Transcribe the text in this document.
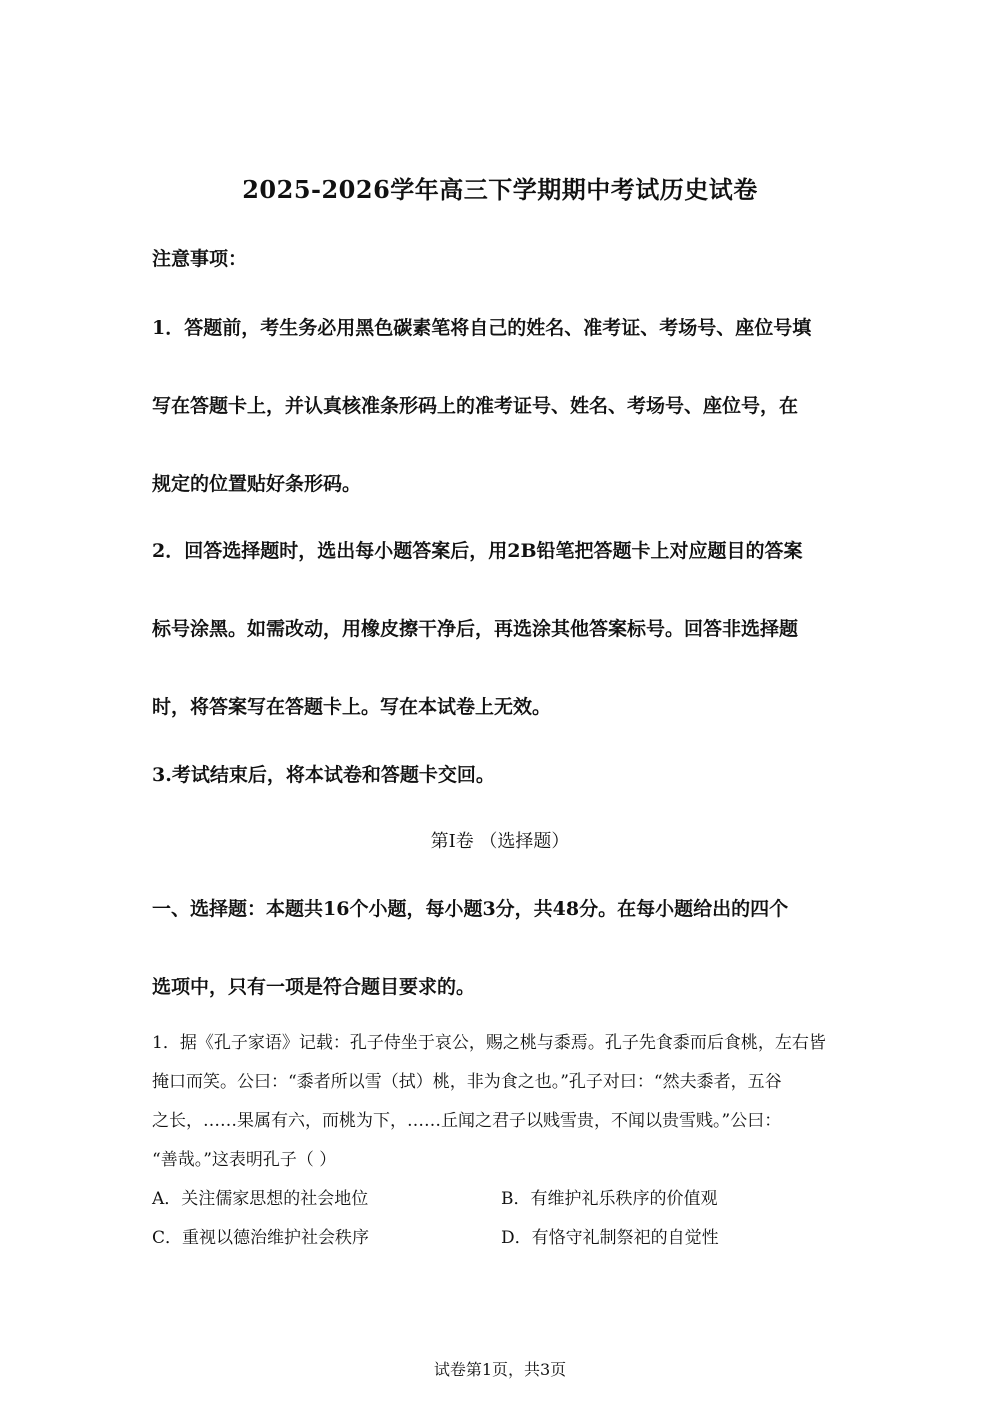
2025-2026学年高三下学期期中考试历史试卷
注意事项：
1．答题前，考生务必用黑色碳素笔将自己的姓名、准考证、考场号、座位号填
写在答题卡上，并认真核准条形码上的准考证号、姓名、考场号、座位号，在
规定的位置贴好条形码。
2．回答选择题时，选出每小题答案后，用2B铅笔把答题卡上对应题目的答案
标号涂黑。如需改动，用橡皮擦干净后，再选涂其他答案标号。回答非选择题
时，将答案写在答题卡上。写在本试卷上无效。
3.考试结束后，将本试卷和答题卡交回。
第I卷 （选择题）
一、选择题：本题共16个小题，每小题3分，共48分。在每小题给出的四个
选项中，只有一项是符合题目要求的。
1．据《孔子家语》记载：孔子侍坐于哀公，赐之桃与黍焉。孔子先食黍而后食桃，左右皆
掩口而笑。公曰：“黍者所以雪（拭）桃，非为食之也。”孔子对曰：“然夫黍者，五谷
之长，……果属有六，而桃为下，……丘闻之君子以贱雪贵，不闻以贵雪贱。”公曰：
“善哉。”这表明孔子（ ）
A．关注儒家思想的社会地位	B．有维护礼乐秩序的价值观
C．重视以德治维护社会秩序	D．有恪守礼制祭祀的自觉性
试卷第1页，共3页
